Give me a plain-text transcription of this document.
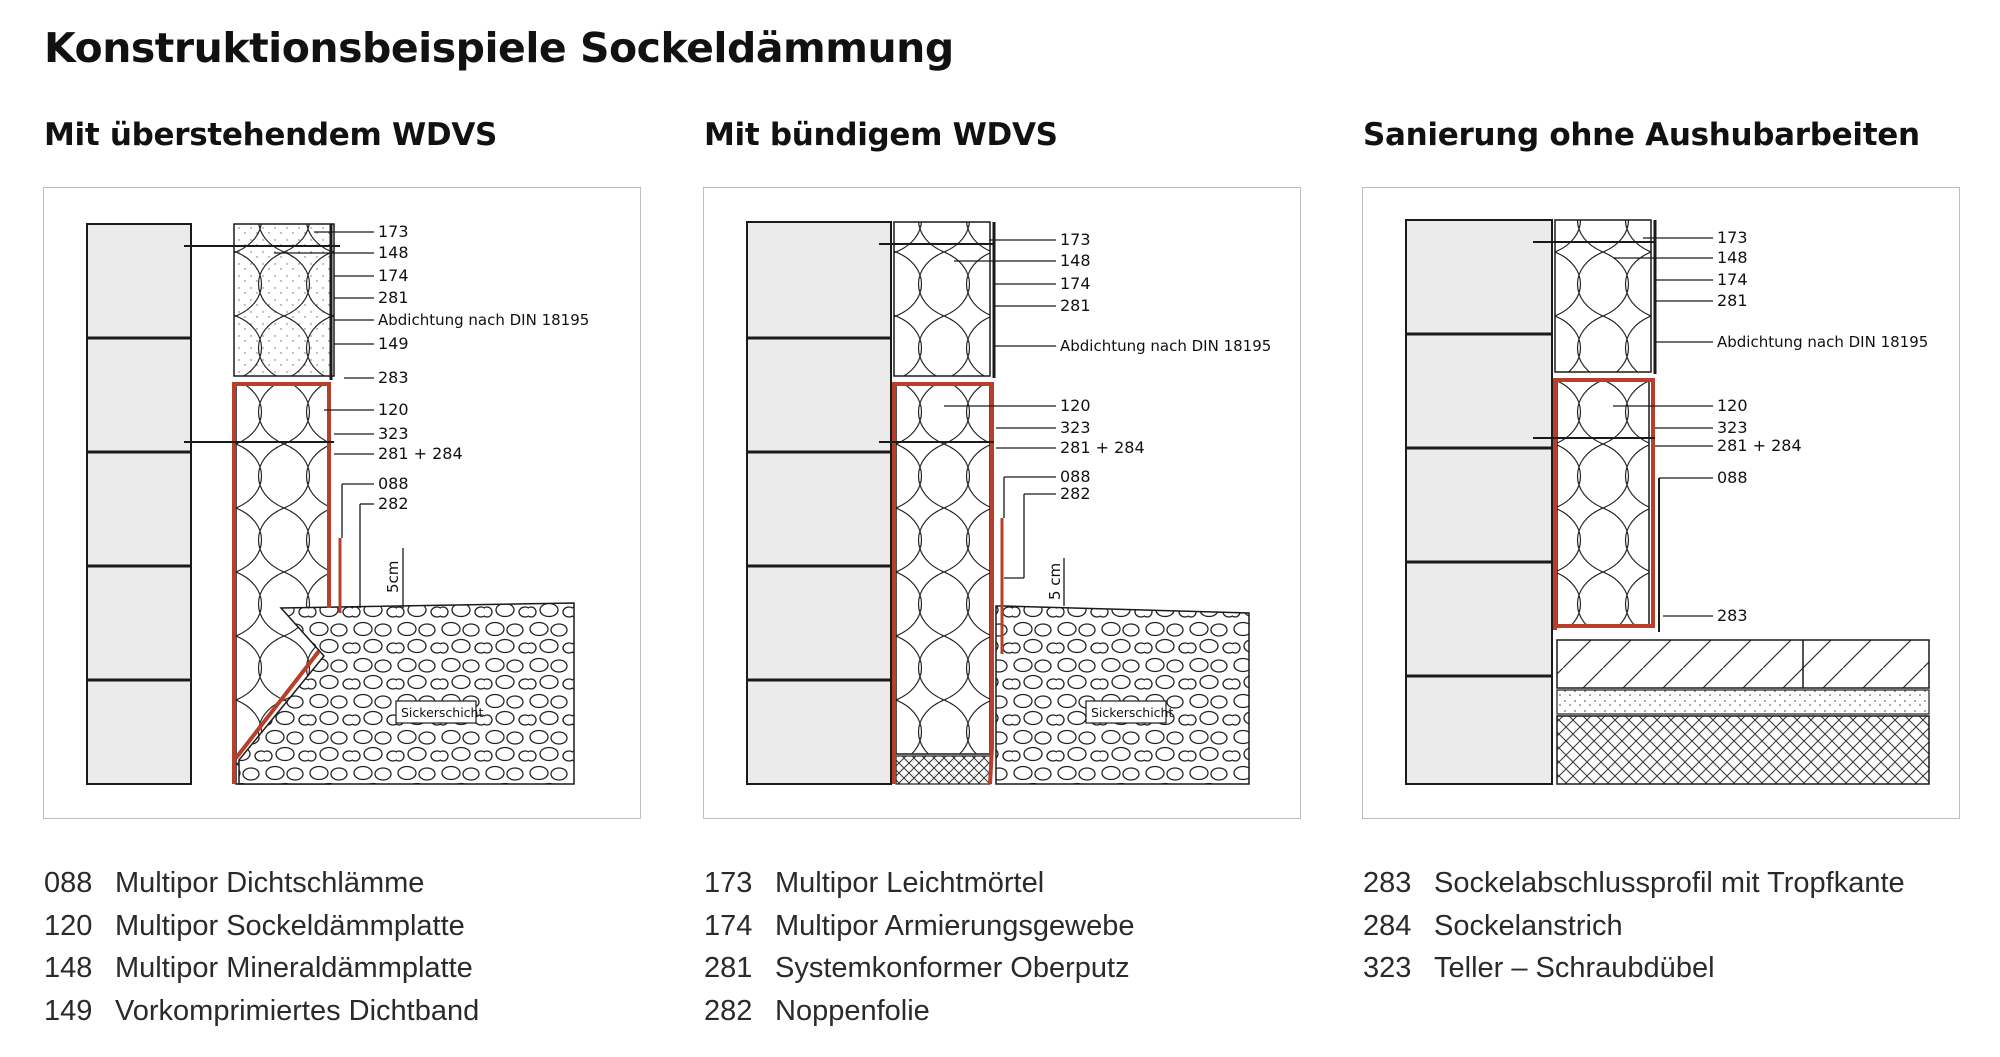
Konstruktionsbeispiele Sockeldämmung
Mit überstehendem WDVS	Mit bündigem WDVS	Sanierung ohne Aushubarbeiten
173
148
174
281
Abdichtung nach DIN 18195
149
283
120
323
281 + 284
088
282
5cm
Sickerschicht
173
148
174
281
Abdichtung nach DIN 18195
120
323
281 + 284
088
282
5 cm
Sickerschicht
173
148
174
281
Abdichtung nach DIN 18195
120
323
281 + 284
088
283
088 Multipor Dichtschlämme
120 Multipor Sockeldämmplatte
148 Multipor Mineraldämmplatte
149 Vorkomprimiertes Dichtband
173 Multipor Leichtmörtel
174 Multipor Armierungsgewebe
281 Systemkonformer Oberputz
282 Noppenfolie
283 Sockelabschlussprofil mit Tropfkante
284 Sockelanstrich
323 Teller – Schraubdübel
